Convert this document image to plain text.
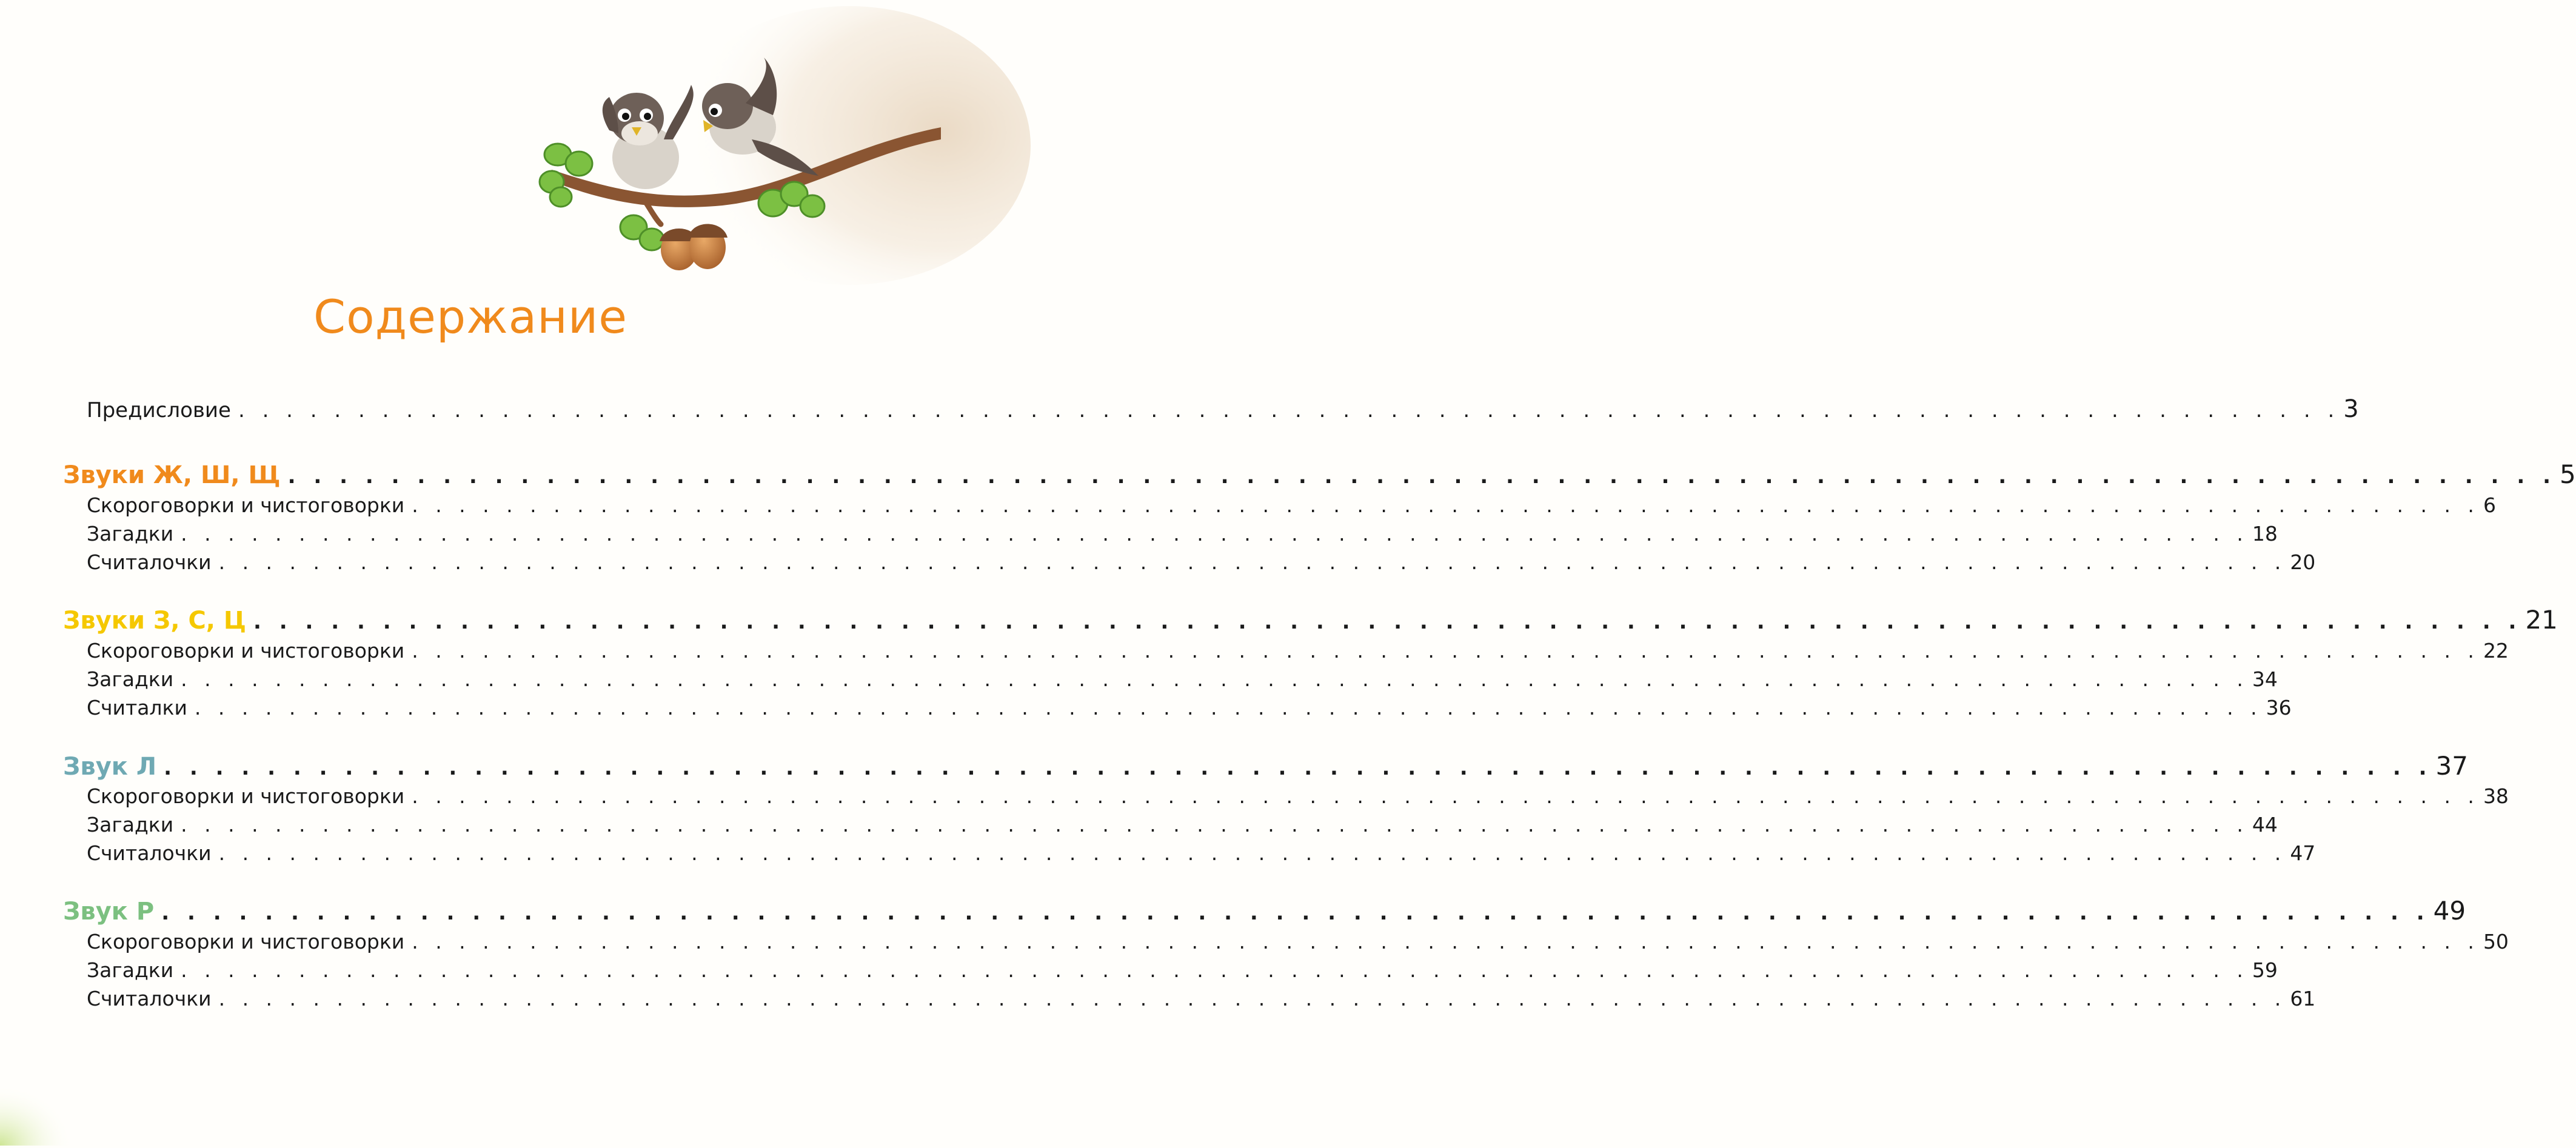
Содержание
Предисловие . . . . . . . . . . . . . . . . . . . . . . . . . . . . . . . . . . . . . . . . . . . . . . . . . . . . . . . . . . . . . . . . . . . . . . . . . . . . . . . . . . . . . . . . 3
Звуки Ж, Ш, Щ . . . . . . . . . . . . . . . . . . . . . . . . . . . . . . . . . . . . . . . . . . . . . . . . . . . . . . . . . . . . . . . . . . . . . . . . . . . . . . . . . . . . . . . . 5
Скороговорки и чистоговорки . . . . . . . . . . . . . . . . . . . . . . . . . . . . . . . . . . . . . . . . . . . . . . . . . . . . . . . . . . . . . . . . . . . . . . . . . . . . . . . . . . . . . . . . 6
Загадки . . . . . . . . . . . . . . . . . . . . . . . . . . . . . . . . . . . . . . . . . . . . . . . . . . . . . . . . . . . . . . . . . . . . . . . . . . . . . . . . . . . . . . . . 18
Считалочки . . . . . . . . . . . . . . . . . . . . . . . . . . . . . . . . . . . . . . . . . . . . . . . . . . . . . . . . . . . . . . . . . . . . . . . . . . . . . . . . . . . . . . . . 20
Звуки З, С, Ц . . . . . . . . . . . . . . . . . . . . . . . . . . . . . . . . . . . . . . . . . . . . . . . . . . . . . . . . . . . . . . . . . . . . . . . . . . . . . . . . . . . . . . . . 21
Скороговорки и чистоговорки . . . . . . . . . . . . . . . . . . . . . . . . . . . . . . . . . . . . . . . . . . . . . . . . . . . . . . . . . . . . . . . . . . . . . . . . . . . . . . . . . . . . . . . . 22
Загадки . . . . . . . . . . . . . . . . . . . . . . . . . . . . . . . . . . . . . . . . . . . . . . . . . . . . . . . . . . . . . . . . . . . . . . . . . . . . . . . . . . . . . . . . 34
Считалки . . . . . . . . . . . . . . . . . . . . . . . . . . . . . . . . . . . . . . . . . . . . . . . . . . . . . . . . . . . . . . . . . . . . . . . . . . . . . . . . . . . . . . . . 36
Звук Л . . . . . . . . . . . . . . . . . . . . . . . . . . . . . . . . . . . . . . . . . . . . . . . . . . . . . . . . . . . . . . . . . . . . . . . . . . . . . . . . . . . . . . . . 37
Скороговорки и чистоговорки . . . . . . . . . . . . . . . . . . . . . . . . . . . . . . . . . . . . . . . . . . . . . . . . . . . . . . . . . . . . . . . . . . . . . . . . . . . . . . . . . . . . . . . . 38
Загадки . . . . . . . . . . . . . . . . . . . . . . . . . . . . . . . . . . . . . . . . . . . . . . . . . . . . . . . . . . . . . . . . . . . . . . . . . . . . . . . . . . . . . . . . 44
Считалочки . . . . . . . . . . . . . . . . . . . . . . . . . . . . . . . . . . . . . . . . . . . . . . . . . . . . . . . . . . . . . . . . . . . . . . . . . . . . . . . . . . . . . . . . 47
Звук Р . . . . . . . . . . . . . . . . . . . . . . . . . . . . . . . . . . . . . . . . . . . . . . . . . . . . . . . . . . . . . . . . . . . . . . . . . . . . . . . . . . . . . . . . 49
Скороговорки и чистоговорки . . . . . . . . . . . . . . . . . . . . . . . . . . . . . . . . . . . . . . . . . . . . . . . . . . . . . . . . . . . . . . . . . . . . . . . . . . . . . . . . . . . . . . . . 50
Загадки . . . . . . . . . . . . . . . . . . . . . . . . . . . . . . . . . . . . . . . . . . . . . . . . . . . . . . . . . . . . . . . . . . . . . . . . . . . . . . . . . . . . . . . . 59
Считалочки . . . . . . . . . . . . . . . . . . . . . . . . . . . . . . . . . . . . . . . . . . . . . . . . . . . . . . . . . . . . . . . . . . . . . . . . . . . . . . . . . . . . . . . . 61
